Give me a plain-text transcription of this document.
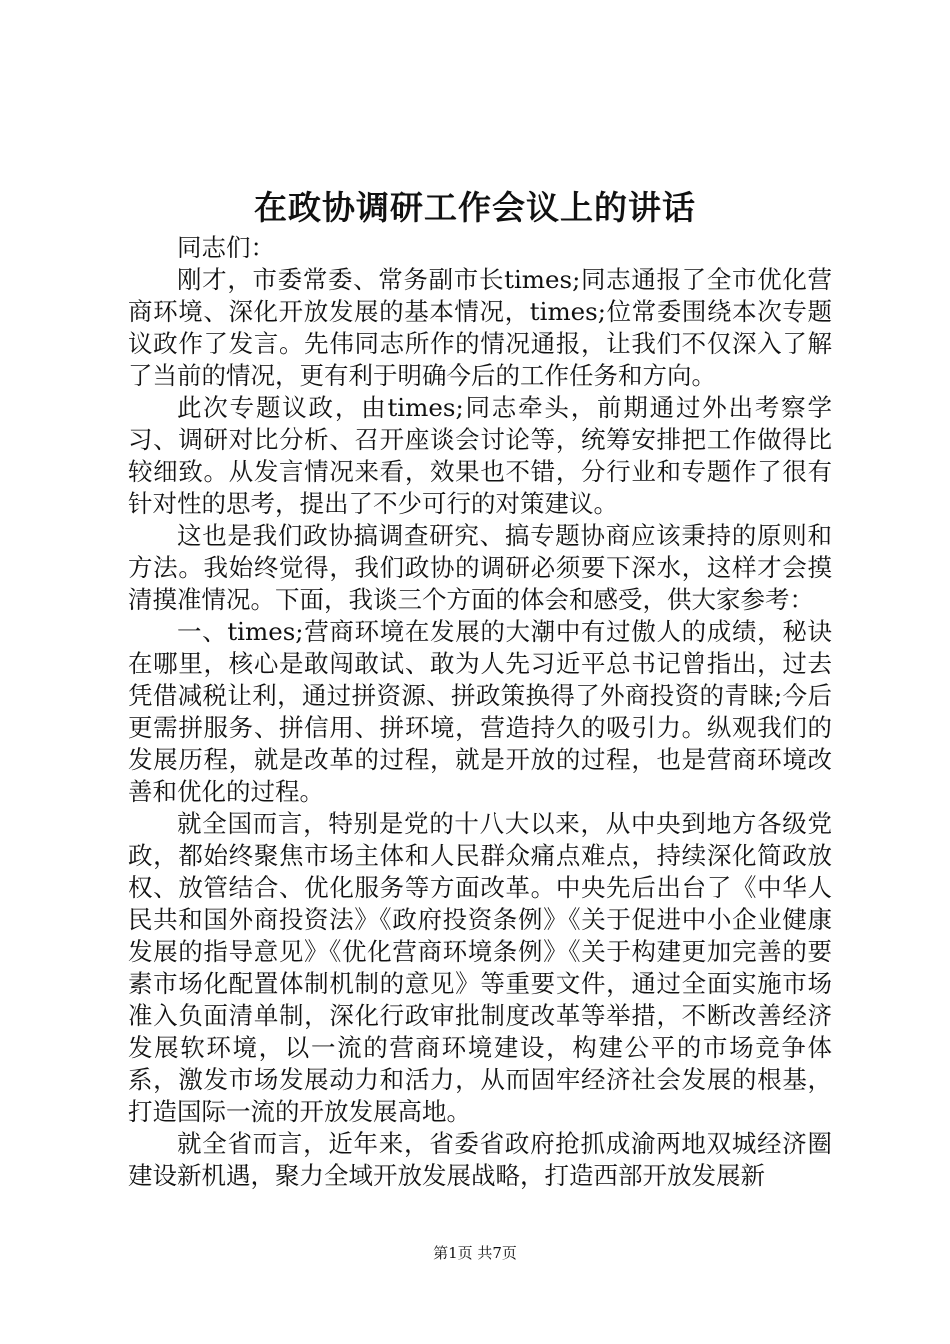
在政协调研工作会议上的讲话

同志们：

刚才，市委常委、常务副市长times;同志通报了全市优化营商环境、深化开放发展的基本情况，times;位常委围绕本次专题议政作了发言。先伟同志所作的情况通报，让我们不仅深入了解了当前的情况，更有利于明确今后的工作任务和方向。

此次专题议政，由times;同志牵头，前期通过外出考察学习、调研对比分析、召开座谈会讨论等，统筹安排把工作做得比较细致。从发言情况来看，效果也不错，分行业和专题作了很有针对性的思考，提出了不少可行的对策建议。

这也是我们政协搞调查研究、搞专题协商应该秉持的原则和方法。我始终觉得，我们政协的调研必须要下深水，这样才会摸清摸准情况。下面，我谈三个方面的体会和感受，供大家参考：

一、times;营商环境在发展的大潮中有过傲人的成绩，秘诀在哪里，核心是敢闯敢试、敢为人先习近平总书记曾指出，过去凭借减税让利，通过拼资源、拼政策换得了外商投资的青睐;今后更需拼服务、拼信用、拼环境，营造持久的吸引力。纵观我们的发展历程，就是改革的过程，就是开放的过程，也是营商环境改善和优化的过程。

就全国而言，特别是党的十八大以来，从中央到地方各级党政，都始终聚焦市场主体和人民群众痛点难点，持续深化简政放权、放管结合、优化服务等方面改革。中央先后出台了《中华人民共和国外商投资法》《政府投资条例》《关于促进中小企业健康发展的指导意见》《优化营商环境条例》《关于构建更加完善的要素市场化配置体制机制的意见》等重要文件，通过全面实施市场准入负面清单制，深化行政审批制度改革等举措，不断改善经济发展软环境，以一流的营商环境建设，构建公平的市场竞争体系，激发市场发展动力和活力，从而固牢经济社会发展的根基，打造国际一流的开放发展高地。

就全省而言，近年来，省委省政府抢抓成渝两地双城经济圈建设新机遇，聚力全域开放发展战略，打造西部开放发展新

第1页 共7页
